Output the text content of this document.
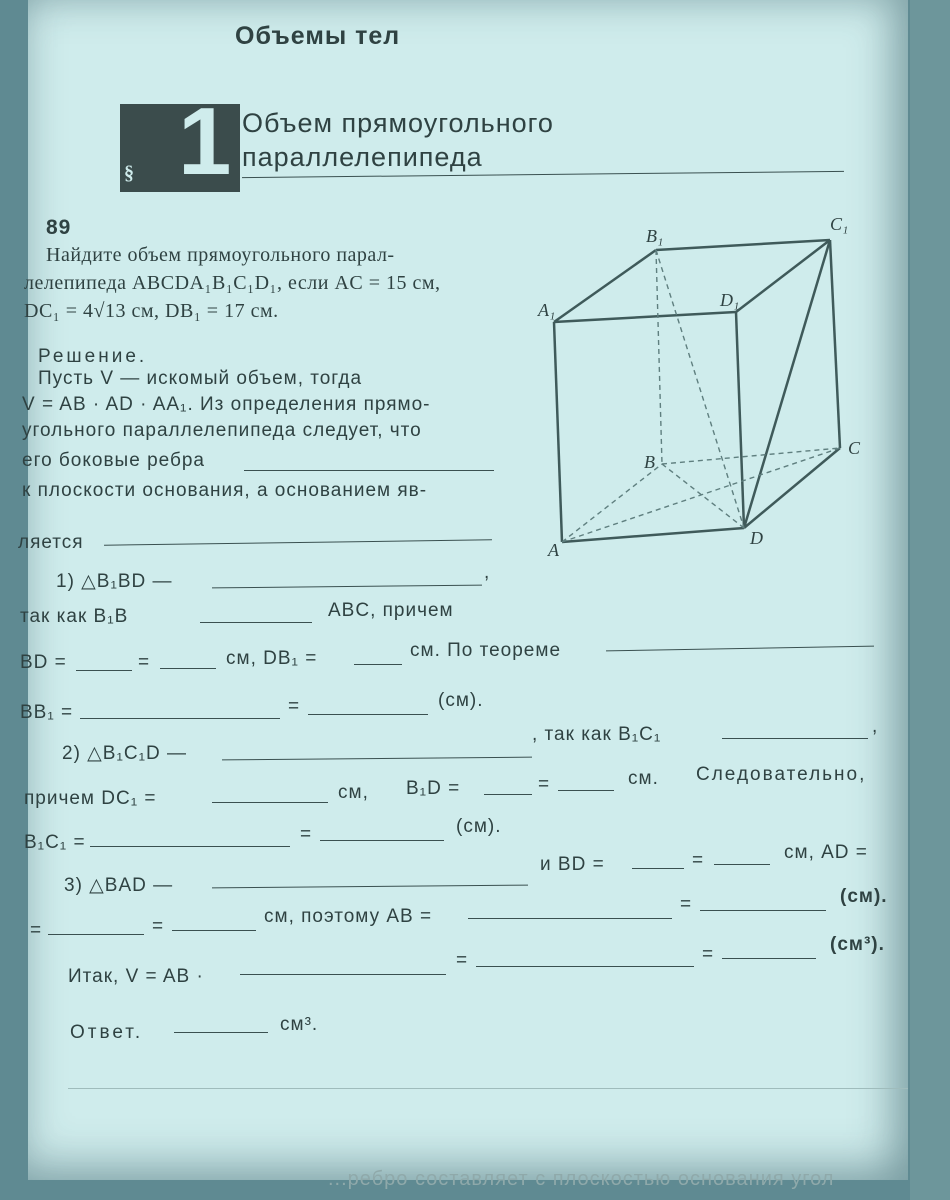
Объемы тел
1
§
Объем прямоугольного
параллелепипеда
89
Найдите объем прямоугольного парал-
лелепипеда ABCDA₁B₁C₁D₁, если AC = 15 см,
DC₁ = 4√13 см, DB₁ = 17 см.
Решение.
Пусть V — искомый объем, тогда
V = AB · AD · AA₁. Из определения прямо-
угольного параллелепипеда следует, что
его боковые ребра
к плоскости основания, а основанием яв-
ляется
1) △B₁BD —	,
так как B₁B	ABC, причем
BD =	=	см, DB₁ =	см. По теореме
BB₁ =	=	(см).
2) △B₁C₁D —
, так как B₁C₁	,
причем DC₁ =	см, B₁D =	=	см. Следовательно,
B₁C₁ =	=	(см).
3) △BAD —
и BD =	=	см, AD =
=	=	см, поэтому AB =
=	(см).
Итак, V = AB ·
=	=	(см³).
Ответ.	см³.
A₁
B₁
C₁
D₁
A
B
C
D
...ребро составляет с плоскостью основания угол
